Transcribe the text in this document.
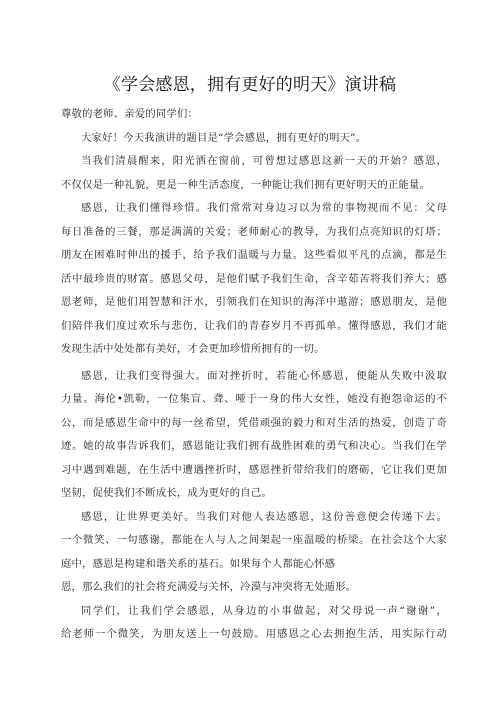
《学会感恩，拥有更好的明天》演讲稿
尊敬的老师、亲爱的同学们：
大家好！今天我演讲的题目是“学会感恩，拥有更好的明天”。
当我们清晨醒来，阳光洒在窗前，可曾想过感恩这新一天的开始？感恩，
不仅仅是一种礼貌，更是一种生活态度，一种能让我们拥有更好明天的正能量。
感恩，让我们懂得珍惜。我们常常对身边习以为常的事物视而不见：父母
每日准备的三餐，那是满满的关爱；老师耐心的教导，为我们点亮知识的灯塔；
朋友在困难时伸出的援手，给予我们温暖与力量。这些看似平凡的点滴，都是生
活中最珍贵的财富。感恩父母，是他们赋予我们生命，含辛茹苦将我们养大；感
恩老师，是他们用智慧和汗水，引领我们在知识的海洋中遨游；感恩朋友，是他
们陪伴我们度过欢乐与悲伤，让我们的青春岁月不再孤单。懂得感恩，我们才能
发现生活中处处都有美好，才会更加珍惜所拥有的一切。
感恩，让我们变得强大。面对挫折时，若能心怀感恩，便能从失败中汲取
力量。海伦•凯勒，一位集盲、聋、哑于一身的伟大女性，她没有抱怨命运的不
公，而是感恩生命中的每一丝希望，凭借顽强的毅力和对生活的热爱，创造了奇
迹。她的故事告诉我们，感恩能让我们拥有战胜困难的勇气和决心。当我们在学
习中遇到难题，在生活中遭遇挫折时，感恩挫折带给我们的磨砺，它让我们更加
坚韧，促使我们不断成长，成为更好的自己。
感恩，让世界更美好。当我们对他人表达感恩，这份善意便会传递下去。
一个微笑、一句感谢，都能在人与人之间架起一座温暖的桥梁。在社会这个大家
庭中，感恩是构建和谐关系的基石。如果每个人都能心怀感
恩，那么我们的社会将充满爱与关怀，冷漠与冲突将无处遁形。
同学们，让我们学会感恩，从身边的小事做起，对父母说一声“谢谢”，
给老师一个微笑，为朋友送上一句鼓励。用感恩之心去拥抱生活，用实际行动
